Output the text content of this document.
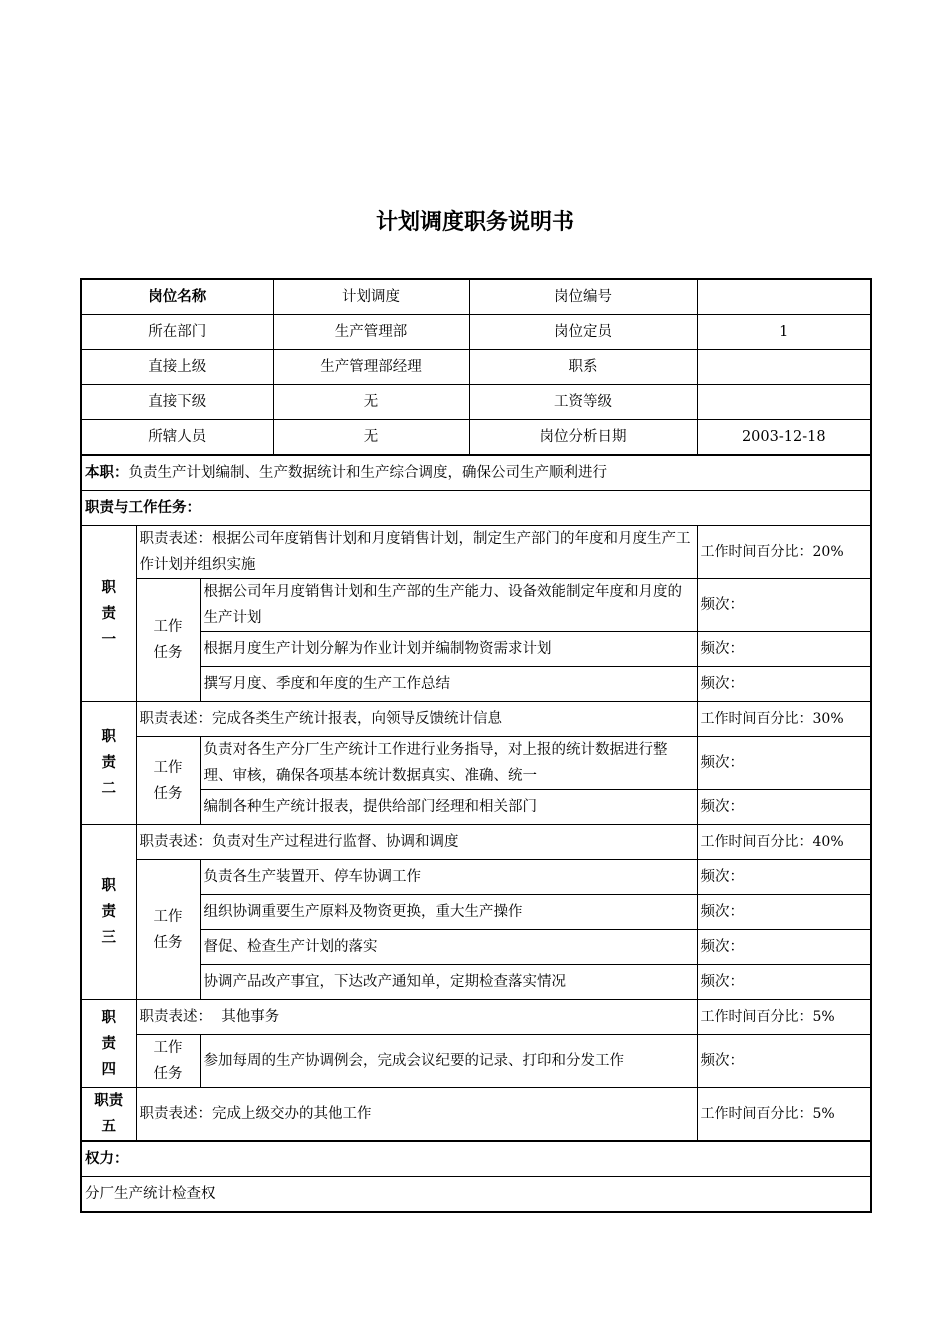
计划调度职务说明书
岗位名称			计划调度	岗位编号	
所在部门			生产管理部	岗位定员	1
直接上级			生产管理部经理	职系	
直接下级			无	工资等级	
所辖人员			无	岗位分析日期	2003-12-18
本职：负责生产计划编制、生产数据统计和生产综合调度，确保公司生产顺利进行					
职责与工作任务：					
职责一	职责表述：根据公司年度销售计划和月度销售计划，制定生产部门的年度和月度生产工作计划并组织实施				工作时间百分比：20%
	工作任务	根据公司年月度销售计划和生产部的生产能力、设备效能制定年度和月度的生产计划			频次：
		根据月度生产计划分解为作业计划并编制物资需求计划			频次：
		撰写月度、季度和年度的生产工作总结			频次：
职责二	职责表述：完成各类生产统计报表，向领导反馈统计信息				工作时间百分比：30%
	工作任务	负责对各生产分厂生产统计工作进行业务指导，对上报的统计数据进行整理、审核，确保各项基本统计数据真实、准确、统一			频次：
		编制各种生产统计报表，提供给部门经理和相关部门			频次：
职责三	职责表述：负责对生产过程进行监督、协调和调度				工作时间百分比：40%
	工作任务	负责各生产装置开、停车协调工作			频次：
		组织协调重要生产原料及物资更换，重大生产操作			频次：
		督促、检查生产计划的落实			频次：
		协调产品改产事宜，下达改产通知单，定期检查落实情况			频次：
职责四	职责表述：  其他事务				工作时间百分比：5%
	工作任务	参加每周的生产协调例会，完成会议纪要的记录、打印和分发工作			频次：
职责五	职责表述：完成上级交办的其他工作				工作时间百分比：5%
权力：					
分厂生产统计检查权					
